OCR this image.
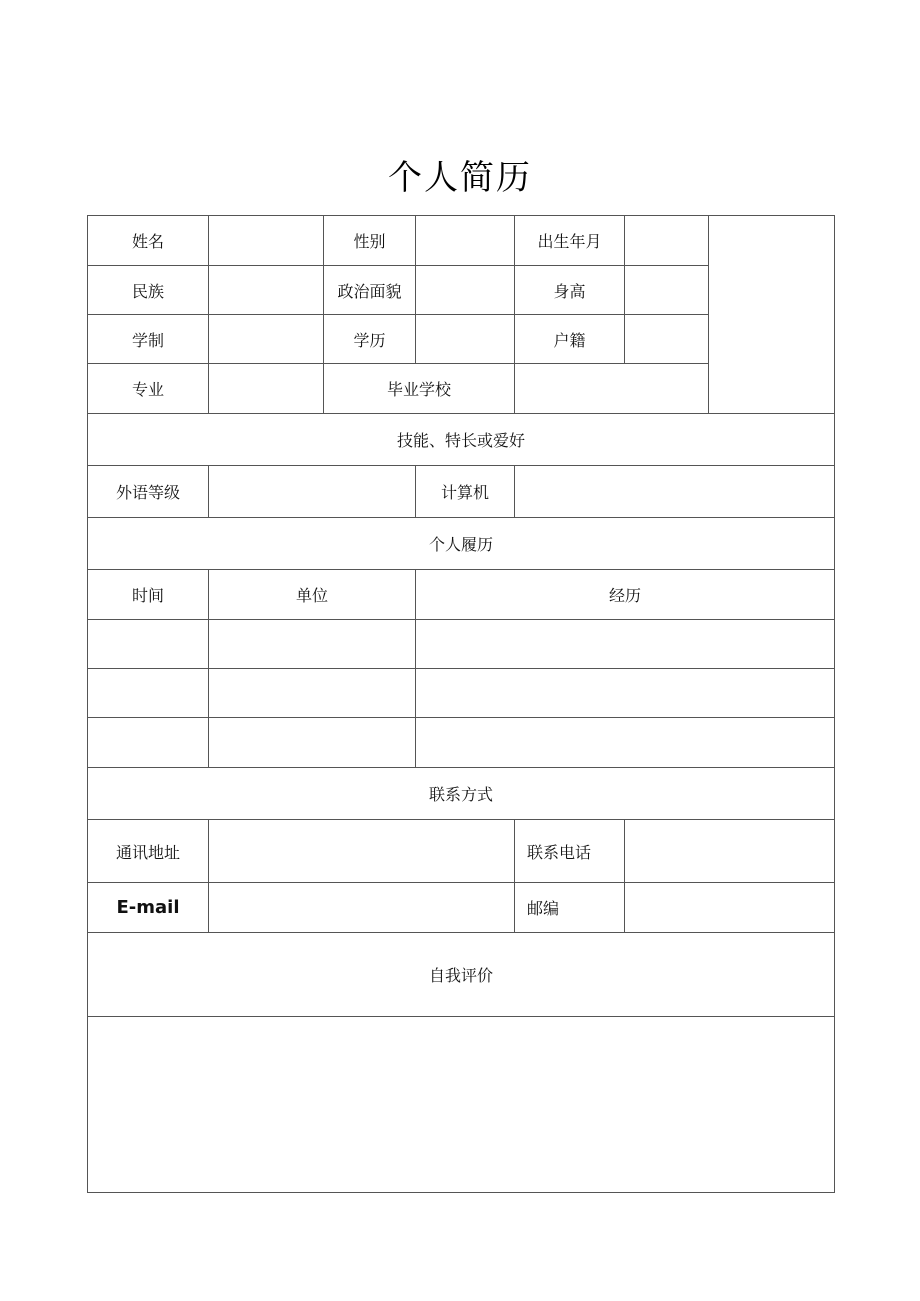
个人简历
姓名		性别		出生年月		
民族		政治面貌		身高		
学制		学历		户籍		
专业		毕业学校				
技能、特长或爱好						
外语等级			计算机			
个人履历						
时间	单位		经历			

联系方式						
通讯地址				联系电话		
E-mail				邮编		
自我评价						
